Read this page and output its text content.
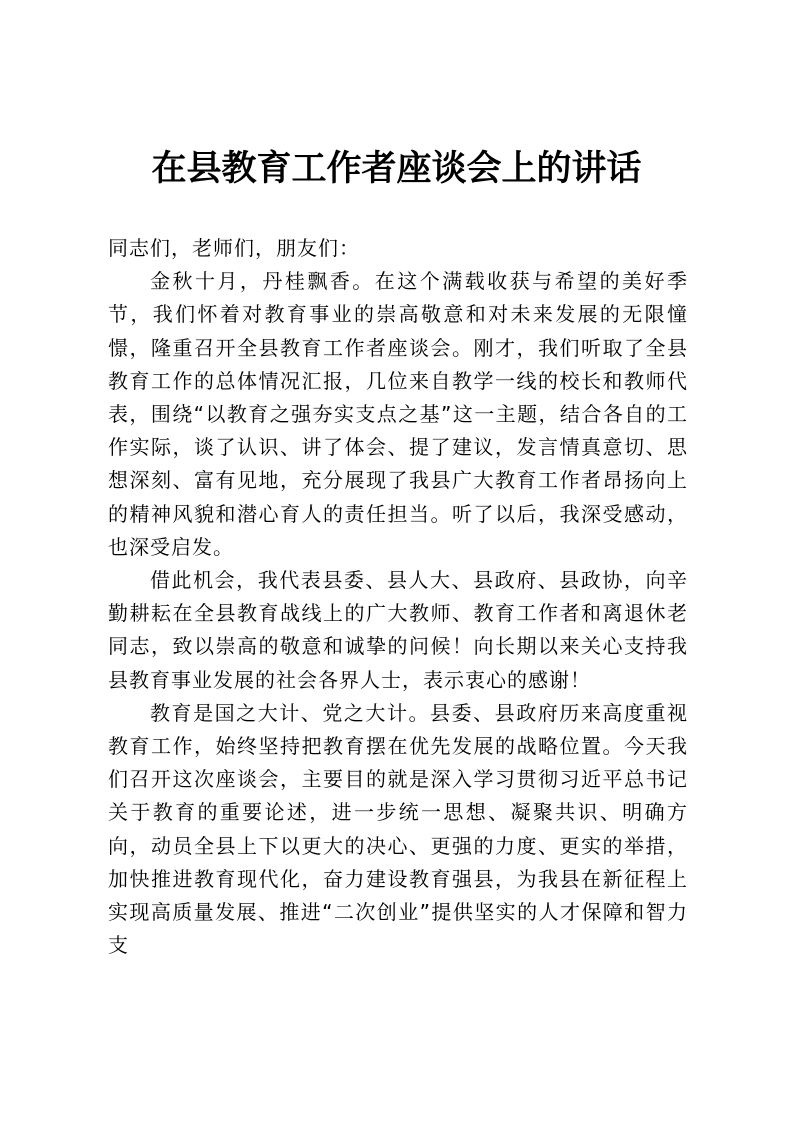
在县教育工作者座谈会上的讲话

同志们，老师们，朋友们：

金秋十月，丹桂飘香。在这个满载收获与希望的美好季节，我们怀着对教育事业的崇高敬意和对未来发展的无限憧憬，隆重召开全县教育工作者座谈会。刚才，我们听取了全县教育工作的总体情况汇报，几位来自教学一线的校长和教师代表，围绕“以教育之强夯实支点之基”这一主题，结合各自的工作实际，谈了认识、讲了体会、提了建议，发言情真意切、思想深刻、富有见地，充分展现了我县广大教育工作者昂扬向上的精神风貌和潜心育人的责任担当。听了以后，我深受感动，也深受启发。

借此机会，我代表县委、县人大、县政府、县政协，向辛勤耕耘在全县教育战线上的广大教师、教育工作者和离退休老同志，致以崇高的敬意和诚挚的问候！向长期以来关心支持我县教育事业发展的社会各界人士，表示衷心的感谢！

教育是国之大计、党之大计。县委、县政府历来高度重视教育工作，始终坚持把教育摆在优先发展的战略位置。今天我们召开这次座谈会，主要目的就是深入学习贯彻习近平总书记关于教育的重要论述，进一步统一思想、凝聚共识、明确方向，动员全县上下以更大的决心、更强的力度、更实的举措，加快推进教育现代化，奋力建设教育强县，为我县在新征程上实现高质量发展、推进“二次创业”提供坚实的人才保障和智力支
